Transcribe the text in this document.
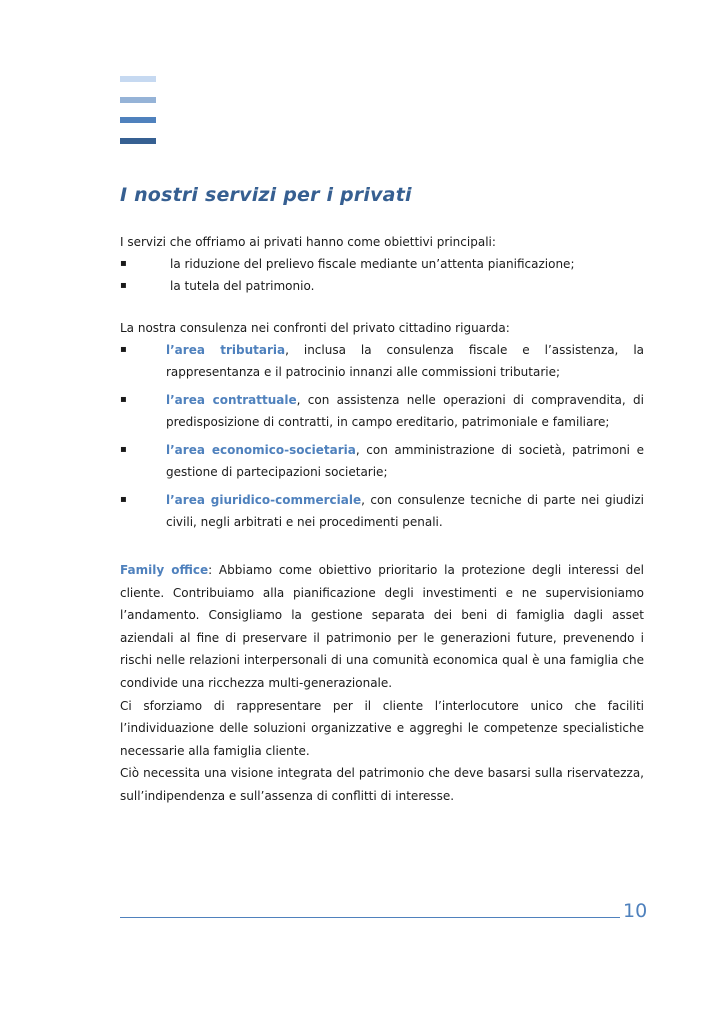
I nostri servizi per i privati

I servizi che offriamo ai privati hanno come obiettivi principali:

▪	la riduzione del prelievo fiscale mediante un’attenta pianificazione;
▪	la tutela del patrimonio.

La nostra consulenza nei confronti del privato cittadino riguarda:

▪	l’area tributaria, inclusa la consulenza fiscale e l’assistenza, la
rappresentanza e il patrocinio innanzi alle commissioni tributarie;
▪	l’area contrattuale, con assistenza nelle operazioni di compravendita, di
predisposizione di contratti, in campo ereditario, patrimoniale e familiare;
▪	l’area economico-societaria, con amministrazione di società, patrimoni e
gestione di partecipazioni societarie;
▪	l’area giuridico-commerciale, con consulenze tecniche di parte nei giudizi
civili, negli arbitrati e nei procedimenti penali.

Family office: Abbiamo come obiettivo prioritario la protezione degli interessi del cliente. Contribuiamo alla pianificazione degli investimenti e ne supervisioniamo l’andamento. Consigliamo la gestione separata dei beni di famiglia dagli asset aziendali al fine di preservare il patrimonio per le generazioni future, prevenendo i rischi nelle relazioni interpersonali di una comunità economica qual è una famiglia che condivide una ricchezza multi-generazionale.

Ci sforziamo di rappresentare per il cliente l’interlocutore unico che faciliti l’individuazione delle soluzioni organizzative e aggreghi le competenze specialistiche necessarie alla famiglia cliente.

Ciò necessita una visione integrata del patrimonio che deve basarsi sulla riservatezza, sull’indipendenza e sull’assenza di conflitti di interesse.

10
